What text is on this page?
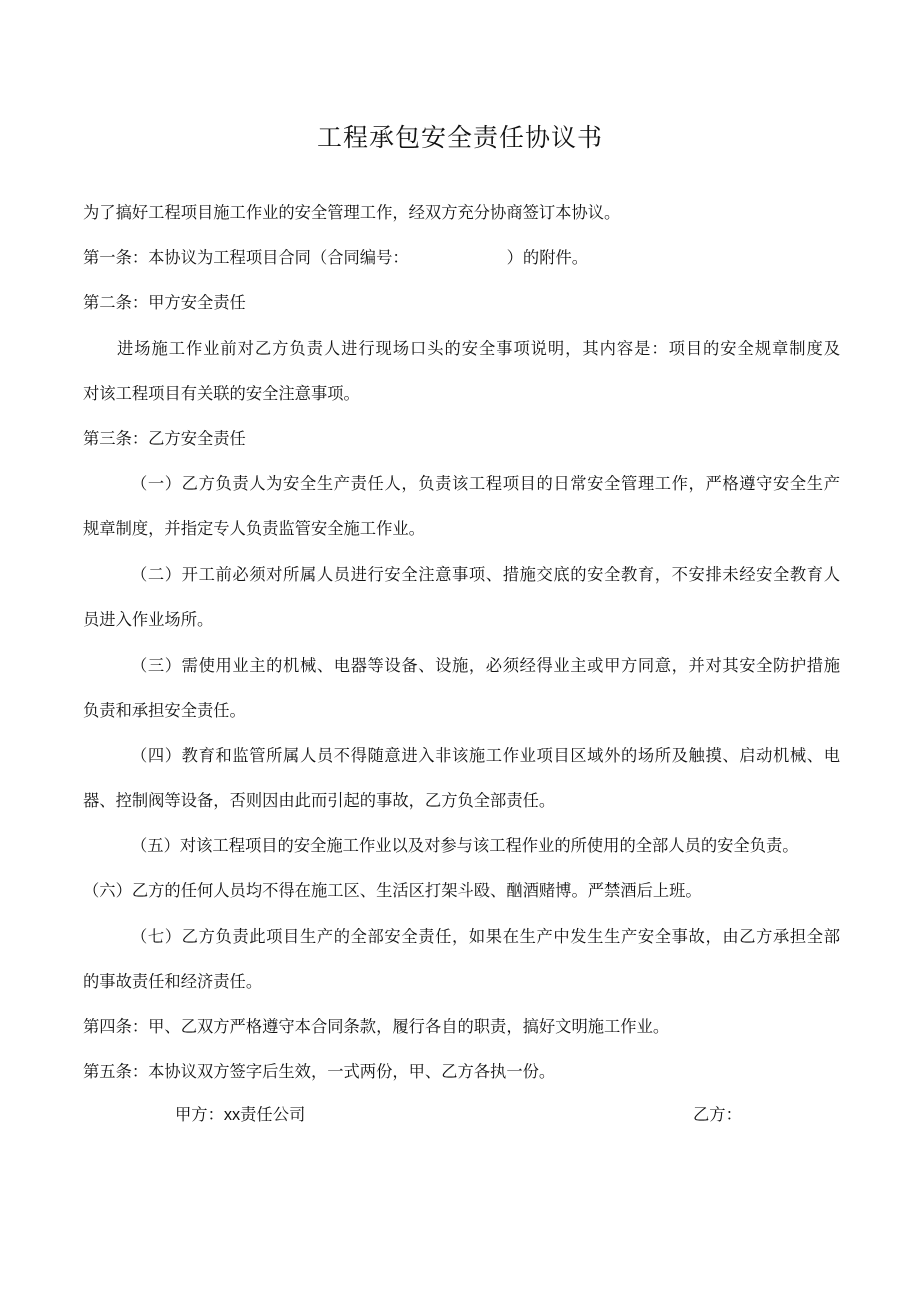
工程承包安全责任协议书

为了搞好工程项目施工作业的安全管理工作，经双方充分协商签订本协议。

第一条：本协议为工程项目合同（合同编号：	）的附件。

第二条：甲方安全责任

进场施工作业前对乙方负责人进行现场口头的安全事项说明，其内容是：项目的安全规章制度及

对该工程项目有关联的安全注意事项。

第三条：乙方安全责任

（一）乙方负责人为安全生产责任人，负责该工程项目的日常安全管理工作，严格遵守安全生产

规章制度，并指定专人负责监管安全施工作业。

（二）开工前必须对所属人员进行安全注意事项、措施交底的安全教育，不安排未经安全教育人

员进入作业场所。

（三）需使用业主的机械、电器等设备、设施，必须经得业主或甲方同意，并对其安全防护措施

负责和承担安全责任。

（四）教育和监管所属人员不得随意进入非该施工作业项目区域外的场所及触摸、启动机械、电

器、控制阀等设备，否则因由此而引起的事故，乙方负全部责任。

（五）对该工程项目的安全施工作业以及对参与该工程作业的所使用的全部人员的安全负责。

（六）乙方的任何人员均不得在施工区、生活区打架斗殴、酗酒赌博。严禁酒后上班。

（七）乙方负责此项目生产的全部安全责任，如果在生产中发生生产安全事故，由乙方承担全部

的事故责任和经济责任。

第四条：甲、乙双方严格遵守本合同条款，履行各自的职责，搞好文明施工作业。

第五条：本协议双方签字后生效，一式两份，甲、乙方各执一份。

甲方：xx责任公司	乙方：
